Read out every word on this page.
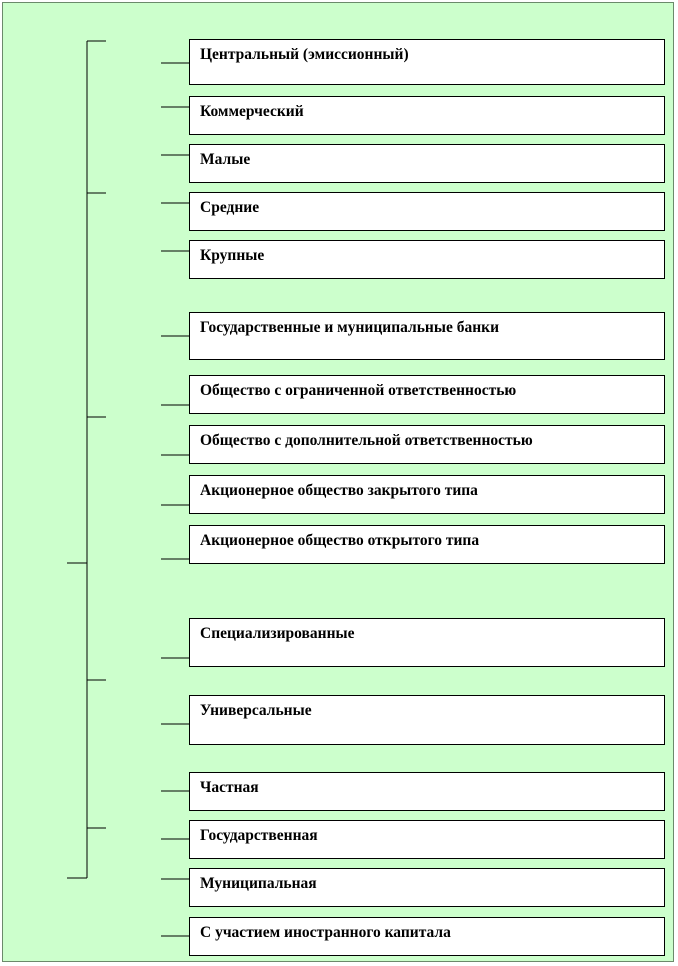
Центральный (эмиссионный)
Коммерческий
Малые
Средние
Крупные
Государственные и муниципальные банки
Общество с ограниченной ответственностью
Общество с дополнительной ответственностью
Акционерное общество закрытого типа
Акционерное общество открытого типа
Специализированные
Универсальные
Частная
Государственная
Муниципальная
С участием иностранного капитала
